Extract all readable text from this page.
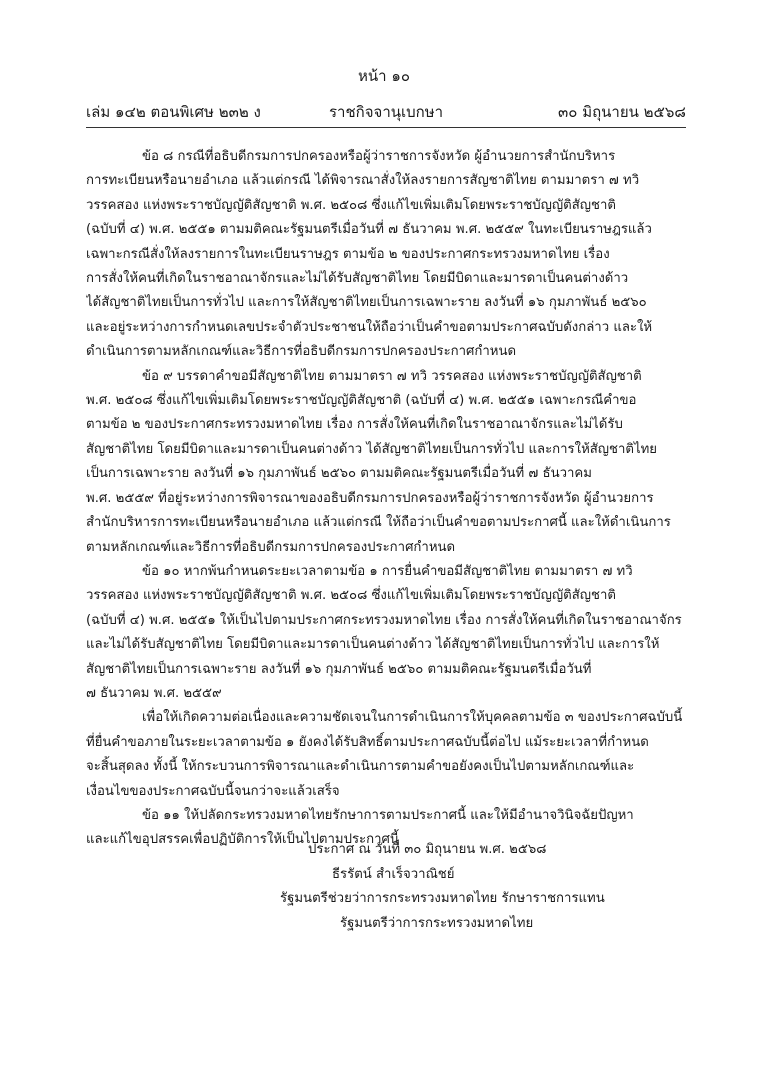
หน้า ๑๐
เล่ม ๑๔๒ ตอนพิเศษ ๒๓๒ ง	ราชกิจจานุเบกษา	๓๐ มิถุนายน ๒๕๖๘
ข้อ ๘ กรณีที่อธิบดีกรมการปกครองหรือผู้ว่าราชการจังหวัด ผู้อำนวยการสำนักบริหาร
การทะเบียนหรือนายอำเภอ แล้วแต่กรณี ได้พิจารณาสั่งให้ลงรายการสัญชาติไทย ตามมาตรา ๗ ทวิ
วรรคสอง แห่งพระราชบัญญัติสัญชาติ พ.ศ. ๒๕๐๘ ซึ่งแก้ไขเพิ่มเติมโดยพระราชบัญญัติสัญชาติ
(ฉบับที่ ๔) พ.ศ. ๒๕๕๑ ตามมติคณะรัฐมนตรีเมื่อวันที่ ๗ ธันวาคม พ.ศ. ๒๕๕๙ ในทะเบียนราษฎรแล้ว
เฉพาะกรณีสั่งให้ลงรายการในทะเบียนราษฎร ตามข้อ ๒ ของประกาศกระทรวงมหาดไทย เรื่อง
การสั่งให้คนที่เกิดในราชอาณาจักรและไม่ได้รับสัญชาติไทย โดยมีบิดาและมารดาเป็นคนต่างด้าว
ได้สัญชาติไทยเป็นการทั่วไป และการให้สัญชาติไทยเป็นการเฉพาะราย ลงวันที่ ๑๖ กุมภาพันธ์ ๒๕๖๐
และอยู่ระหว่างการกำหนดเลขประจำตัวประชาชนให้ถือว่าเป็นคำขอตามประกาศฉบับดังกล่าว และให้
ดำเนินการตามหลักเกณฑ์และวิธีการที่อธิบดีกรมการปกครองประกาศกำหนด
ข้อ ๙ บรรดาคำขอมีสัญชาติไทย ตามมาตรา ๗ ทวิ วรรคสอง แห่งพระราชบัญญัติสัญชาติ
พ.ศ. ๒๕๐๘ ซึ่งแก้ไขเพิ่มเติมโดยพระราชบัญญัติสัญชาติ (ฉบับที่ ๔) พ.ศ. ๒๕๕๑ เฉพาะกรณีคำขอ
ตามข้อ ๒ ของประกาศกระทรวงมหาดไทย เรื่อง การสั่งให้คนที่เกิดในราชอาณาจักรและไม่ได้รับ
สัญชาติไทย โดยมีบิดาและมารดาเป็นคนต่างด้าว ได้สัญชาติไทยเป็นการทั่วไป และการให้สัญชาติไทย
เป็นการเฉพาะราย ลงวันที่ ๑๖ กุมภาพันธ์ ๒๕๖๐ ตามมติคณะรัฐมนตรีเมื่อวันที่ ๗ ธันวาคม
พ.ศ. ๒๕๕๙ ที่อยู่ระหว่างการพิจารณาของอธิบดีกรมการปกครองหรือผู้ว่าราชการจังหวัด ผู้อำนวยการ
สำนักบริหารการทะเบียนหรือนายอำเภอ แล้วแต่กรณี ให้ถือว่าเป็นคำขอตามประกาศนี้ และให้ดำเนินการ
ตามหลักเกณฑ์และวิธีการที่อธิบดีกรมการปกครองประกาศกำหนด
ข้อ ๑๐ หากพ้นกำหนดระยะเวลาตามข้อ ๑ การยื่นคำขอมีสัญชาติไทย ตามมาตรา ๗ ทวิ
วรรคสอง แห่งพระราชบัญญัติสัญชาติ พ.ศ. ๒๕๐๘ ซึ่งแก้ไขเพิ่มเติมโดยพระราชบัญญัติสัญชาติ
(ฉบับที่ ๔) พ.ศ. ๒๕๕๑ ให้เป็นไปตามประกาศกระทรวงมหาดไทย เรื่อง การสั่งให้คนที่เกิดในราชอาณาจักร
และไม่ได้รับสัญชาติไทย โดยมีบิดาและมารดาเป็นคนต่างด้าว ได้สัญชาติไทยเป็นการทั่วไป และการให้
สัญชาติไทยเป็นการเฉพาะราย ลงวันที่ ๑๖ กุมภาพันธ์ ๒๕๖๐ ตามมติคณะรัฐมนตรีเมื่อวันที่
๗ ธันวาคม พ.ศ. ๒๕๕๙
เพื่อให้เกิดความต่อเนื่องและความชัดเจนในการดำเนินการให้บุคคลตามข้อ ๓ ของประกาศฉบับนี้
ที่ยื่นคำขอภายในระยะเวลาตามข้อ ๑ ยังคงได้รับสิทธิ์ตามประกาศฉบับนี้ต่อไป แม้ระยะเวลาที่กำหนด
จะสิ้นสุดลง ทั้งนี้ ให้กระบวนการพิจารณาและดำเนินการตามคำขอยังคงเป็นไปตามหลักเกณฑ์และ
เงื่อนไขของประกาศฉบับนี้จนกว่าจะแล้วเสร็จ
ข้อ ๑๑ ให้ปลัดกระทรวงมหาดไทยรักษาการตามประกาศนี้ และให้มีอำนาจวินิจฉัยปัญหา
และแก้ไขอุปสรรคเพื่อปฏิบัติการให้เป็นไปตามประกาศนี้
ประกาศ ณ วันที่ ๓๐ มิถุนายน พ.ศ. ๒๕๖๘
ธีรรัตน์ สำเร็จวาณิชย์
รัฐมนตรีช่วยว่าการกระทรวงมหาดไทย รักษาราชการแทน
รัฐมนตรีว่าการกระทรวงมหาดไทย
